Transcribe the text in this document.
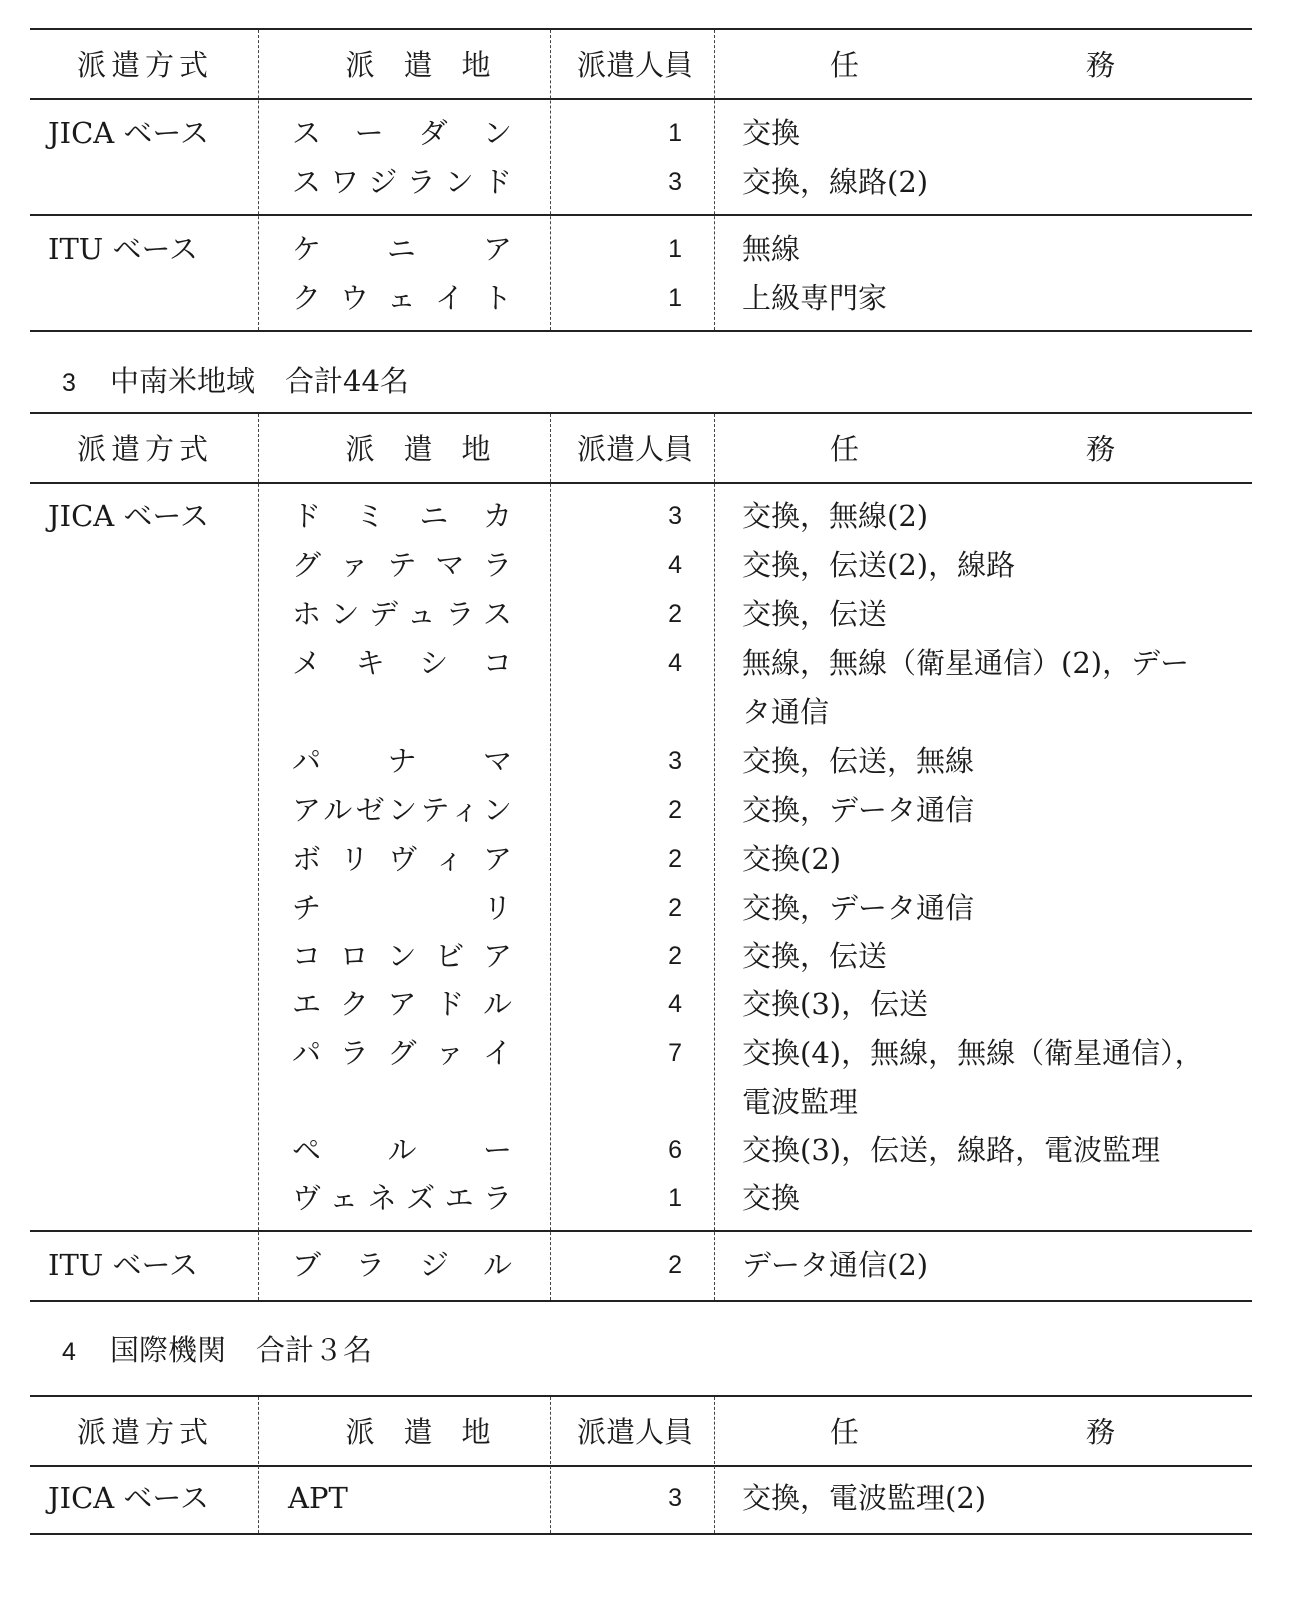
派遣方式	派　遣　地	派遣人員	任	務
JICA ベース	スーダン	1 交換
スワジランド	3 交換，線路(2)
ITU ベース	ケニア	1 無線
クウェイト	1 上級専門家
3 中南米地域 合計44名
派遣方式	派　遣　地	派遣人員	任	務
JICA ベース	ドミニカ	3 交換，無線(2)
グァテマラ	4 交換，伝送(2)，線路
ホンデュラス	2 交換，伝送
メキシコ	4 無線，無線（衛星通信）(2)，デー
タ通信
パナマ	3 交換，伝送，無線
アルゼンティン	2 交換，データ通信
ボリヴィア	2 交換(2)
チリ	2 交換，データ通信
コロンビア	2 交換，伝送
エクアドル	4 交換(3)，伝送
パラグァイ	7 交換(4)，無線，無線（衛星通信），
電波監理
ペルー	6 交換(3)，伝送，線路，電波監理
ヴェネズエラ	1 交換
ITU ベース	ブラジル	2 データ通信(2)
4 国際機関 合計３名
派遣方式	派　遣　地	派遣人員	任	務
JICA ベース	APT	3 交換，電波監理(2)
